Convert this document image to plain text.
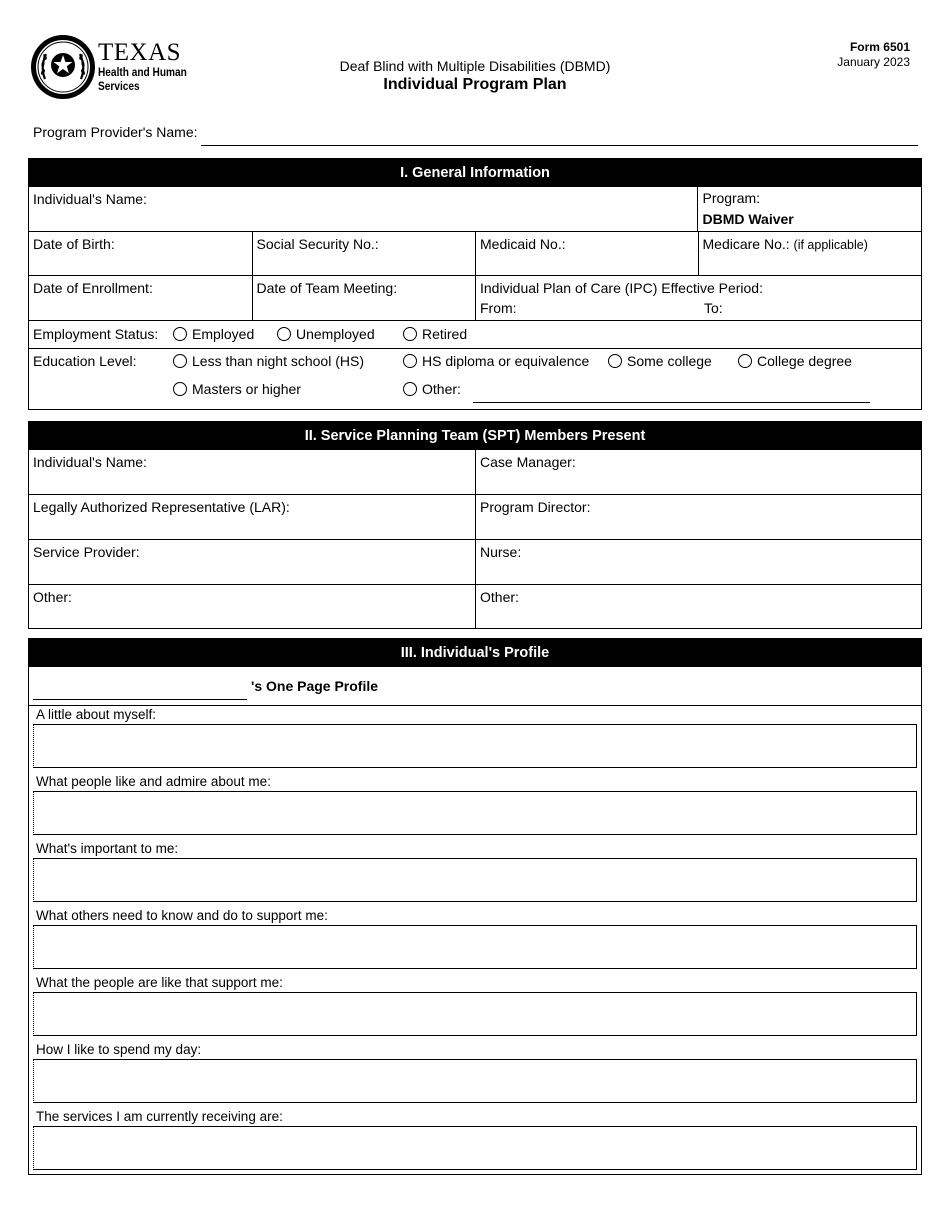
TEXAS
Health and Human
Services
Deaf Blind with Multiple Disabilities (DBMD)
Individual Program Plan
Form 6501
January 2023
Program Provider's Name:
I. General Information
Individual's Name:	Program:
DBMD Waiver
Date of Birth:	Social Security No.:	Medicaid No.:	Medicare No.: (if applicable)
Date of Enrollment:	Date of Team Meeting:	Individual Plan of Care (IPC) Effective Period:
From:	To:
Employment Status:	Employed	Unemployed	Retired
Education Level:	Less than night school (HS)	HS diploma or equivalence	Some college	College degree
Masters or higher	Other:
II. Service Planning Team (SPT) Members Present
Individual's Name:	Case Manager:
Legally Authorized Representative (LAR):	Program Director:
Service Provider:	Nurse:
Other:	Other:
III. Individual's Profile
's One Page Profile
A little about myself:
What people like and admire about me:
What's important to me:
What others need to know and do to support me:
What the people are like that support me:
How I like to spend my day:
The services I am currently receiving are:
